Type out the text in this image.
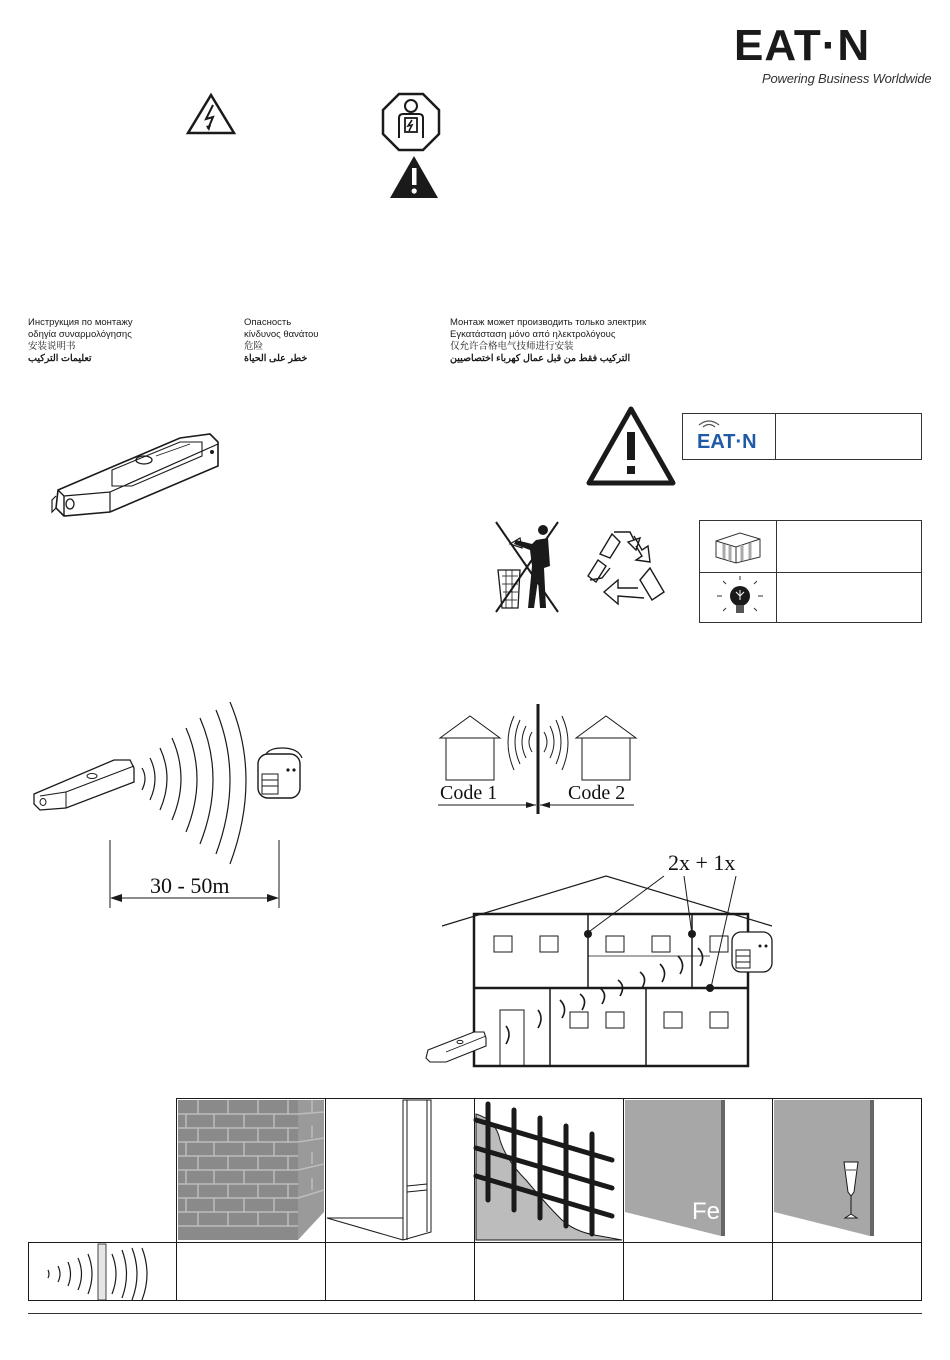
EAT·N
Powering Business Worldwide
Инструкция по монтажу
οδηγία συναρμολόγησης
安装说明书
تعليمات التركيب
Опасность
κίνδυνος θανάτου
危险
خطر على الحياة
Монтаж может производить только электрик
Εγκατάσταση μόνο από ηλεκτρολόγους
仅允许合格电气技师进行安装
التركيب فقط من قبل عمال كهرباء اختصاصيين
EAT·N
30 - 50m
Code 1	Code 2
2x + 1x
Fe
